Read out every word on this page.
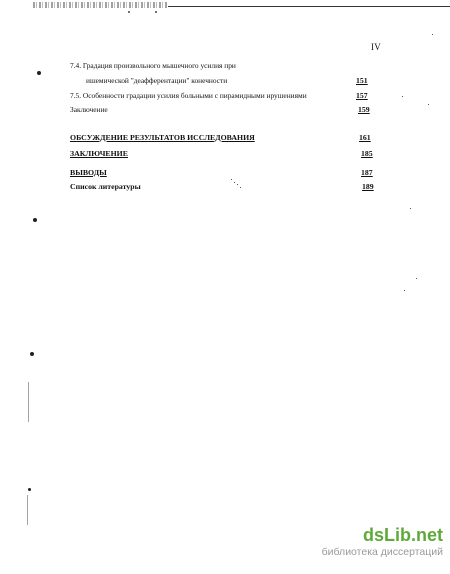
IV
7.4. Градация произвольного мышечного усилия при
ишемической "деафферентации" конечности	151
7.5. Особенности градации усилия больными с пирамидными нрушениями	157
Заключение	159
ОБСУЖДЕНИЕ РЕЗУЛЬТАТОВ ИССЛЕДОВАНИЯ	161
ЗАКЛЮЧЕНИЕ	185
ВЫВОДЫ	187
Список литературы	189
dsLib.net
библиотека диссертаций
